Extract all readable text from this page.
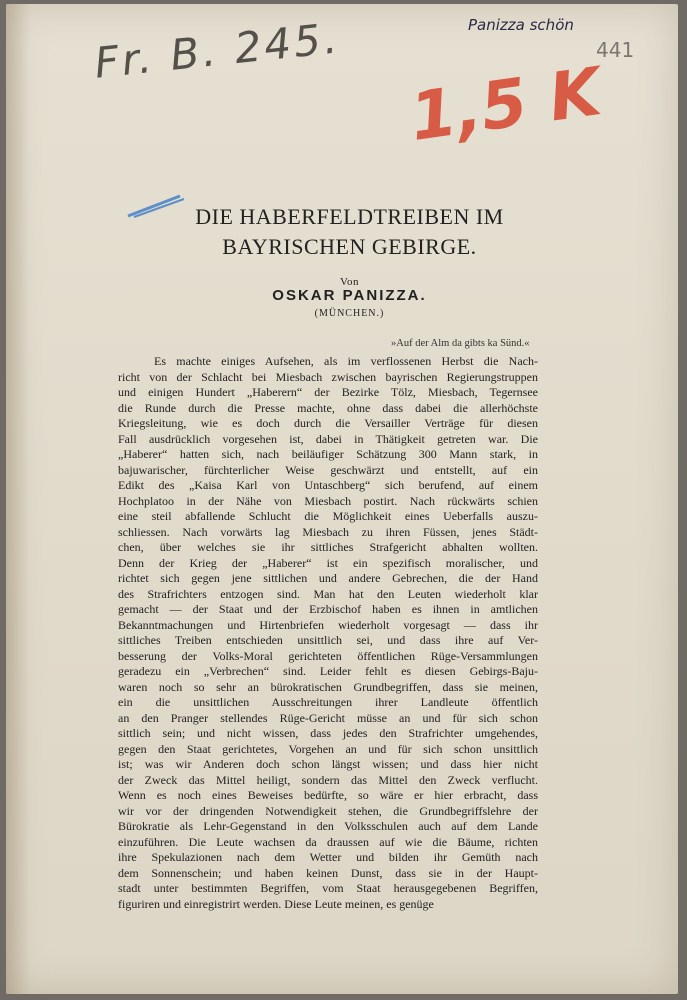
Fr. B. 245.
1,5 K
Panizza schön
441
DIE HABERFELDTREIBEN IM
BAYRISCHEN GEBIRGE.
Von
OSKAR PANIZZA.
(MÜNCHEN.)
»Auf der Alm da gibts ka Sünd.«
Es machte einiges Aufsehen, als im verflossenen Herbst die Nach-
richt von der Schlacht bei Miesbach zwischen bayrischen Regierungstruppen
und einigen Hundert „Haberern“ der Bezirke Tölz, Miesbach, Tegernsee
die Runde durch die Presse machte, ohne dass dabei die allerhöchste
Kriegsleitung, wie es doch durch die Versailler Verträge für diesen
Fall ausdrücklich vorgesehen ist, dabei in Thätigkeit getreten war. Die
„Haberer“ hatten sich, nach beiläufiger Schätzung 300 Mann stark, in
bajuwarischer, fürchterlicher Weise geschwärzt und entstellt, auf ein
Edikt des „Kaisa Karl von Untaschberg“ sich berufend, auf einem
Hochplatoo in der Nähe von Miesbach postirt. Nach rückwärts schien
eine steil abfallende Schlucht die Möglichkeit eines Ueberfalls auszu-
schliessen. Nach vorwärts lag Miesbach zu ihren Füssen, jenes Städt-
chen, über welches sie ihr sittliches Strafgericht abhalten wollten.
Denn der Krieg der „Haberer“ ist ein spezifisch moralischer, und
richtet sich gegen jene sittlichen und andere Gebrechen, die der Hand
des Strafrichters entzogen sind. Man hat den Leuten wiederholt klar
gemacht — der Staat und der Erzbischof haben es ihnen in amtlichen
Bekanntmachungen und Hirtenbriefen wiederholt vorgesagt — dass ihr
sittliches Treiben entschieden unsittlich sei, und dass ihre auf Ver-
besserung der Volks-Moral gerichteten öffentlichen Rüge-Versammlungen
geradezu ein „Verbrechen“ sind. Leider fehlt es diesen Gebirgs-Baju-
waren noch so sehr an bürokratischen Grundbegriffen, dass sie meinen,
ein die unsittlichen Ausschreitungen ihrer Landleute öffentlich
an den Pranger stellendes Rüge-Gericht müsse an und für sich schon
sittlich sein; und nicht wissen, dass jedes den Strafrichter umgehendes,
gegen den Staat gerichtetes, Vorgehen an und für sich schon unsittlich
ist; was wir Anderen doch schon längst wissen; und dass hier nicht
der Zweck das Mittel heiligt, sondern das Mittel den Zweck verflucht.
Wenn es noch eines Beweises bedürfte, so wäre er hier erbracht, dass
wir vor der dringenden Notwendigkeit stehen, die Grundbegriffslehre der
Bürokratie als Lehr-Gegenstand in den Volksschulen auch auf dem Lande
einzuführen. Die Leute wachsen da draussen auf wie die Bäume, richten
ihre Spekulazionen nach dem Wetter und bilden ihr Gemüth nach
dem Sonnenschein; und haben keinen Dunst, dass sie in der Haupt-
stadt unter bestimmten Begriffen, vom Staat herausgegebenen Begriffen,
figuriren und einregistrirt werden. Diese Leute meinen, es genüge
